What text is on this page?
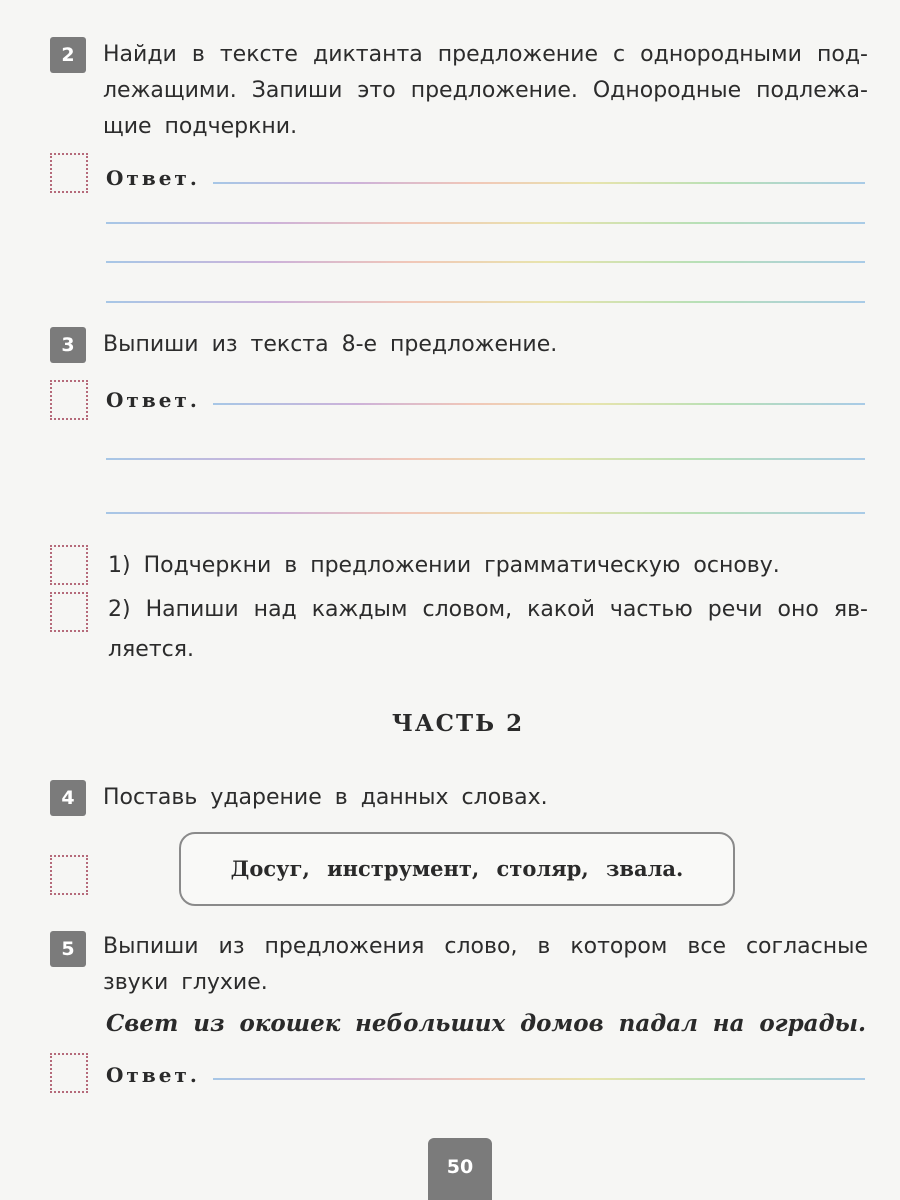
2	Найди в тексте диктанта предложение с однородными подлежащими. Запиши это предложение. Однородные подлежащие подчеркни.
Ответ.
3	Выпиши из текста 8-е предложение.
Ответ.
1) Подчеркни в предложении грамматическую основу.
2) Напиши над каждым словом, какой частью речи оно является.
ЧАСТЬ 2
4	Поставь ударение в данных словах.
Досуг, инструмент, столяр, звала.
5	Выпиши из предложения слово, в котором все согласные звуки глухие.
Свет из окошек небольших домов падал на ограды.
Ответ.
50
